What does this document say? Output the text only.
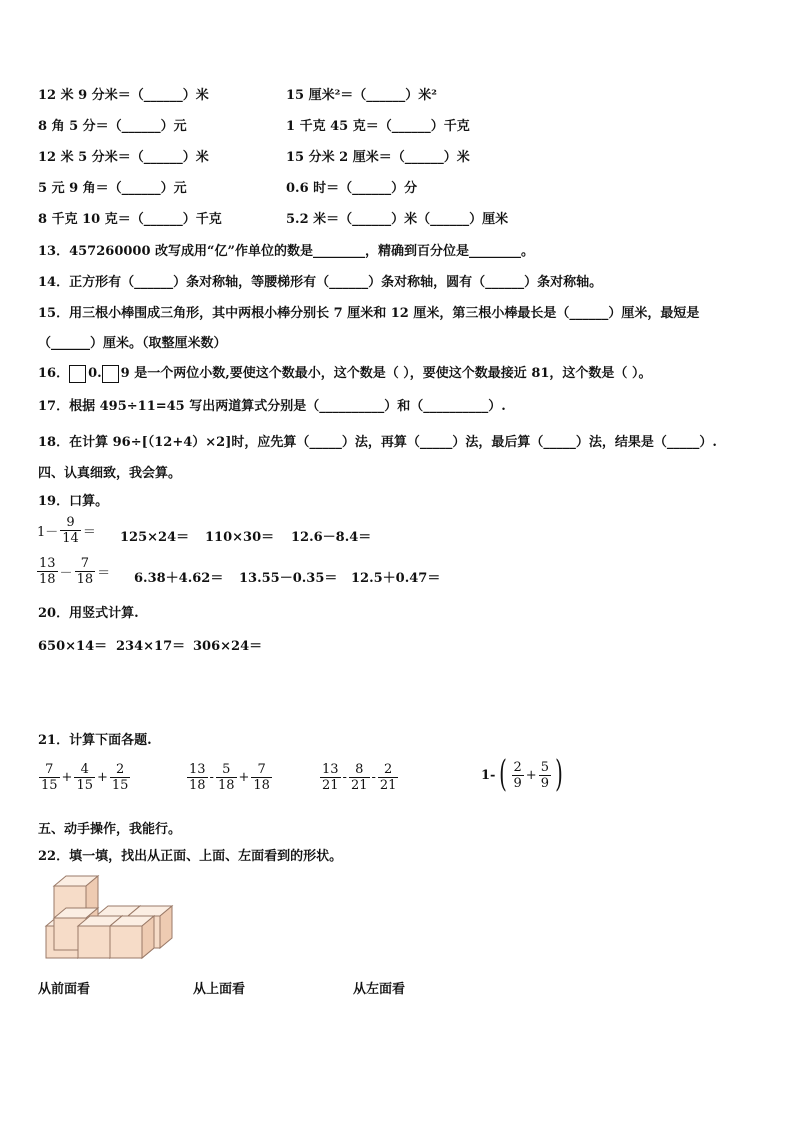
12 米 9 分米＝（______）米	15 厘米²＝（______）米²
8 角 5 分＝（______）元	1 千克 45 克＝（______）千克
12 米 5 分米＝（______）米	15 分米 2 厘米＝（______）米
5 元 9 角＝（______）元	0.6 时＝（______）分
8 千克 10 克＝（______）千克	5.2 米＝（______）米（______）厘米
13．457260000 改写成用“亿”作单位的数是________，精确到百分位是________。
14．正方形有（______）条对称轴，等腰梯形有（______）条对称轴，圆有（______）条对称轴。
15．用三根小棒围成三角形，其中两根小棒分别长 7 厘米和 12 厘米，第三根小棒最长是（______）厘米，最短是
（______）厘米。（取整厘米数）
16． 0. 9 是一个两位小数,要使这个数最小，这个数是（ ），要使这个数最接近 81，这个数是（ ）。
17．根据 495÷11=45 写出两道算式分别是（__________）和（__________）.
18．在计算 96÷[（12+4）×2]时，应先算（_____）法，再算（_____）法，最后算（_____）法，结果是（_____）.
四、认真细致，我会算。
19．口算。
$1- \frac{9}{14} = 125\times 24= 110\times 30= 12.6-8.4=$
$\frac{13}{18} - \frac{7}{18} = 6.38+4.62= 13.55-0.35= 12.5+0.47=$
20．用竖式计算.
650×14＝ 234×17＝ 306×24＝
21．计算下面各题.
$\frac{7}{15} + \frac{4}{15} + \frac{2}{15}$	$\frac{13}{18} - \frac{5}{18} + \frac{7}{18}$	$\frac{13}{21} - \frac{8}{21} - \frac{2}{21}$	1- ( $\frac{2}{9} + \frac{5}{9}$ )
五、动手操作，我能行。
22．填一填，找出从正面、上面、左面看到的形状。
从前面看	从上面看	从左面看
